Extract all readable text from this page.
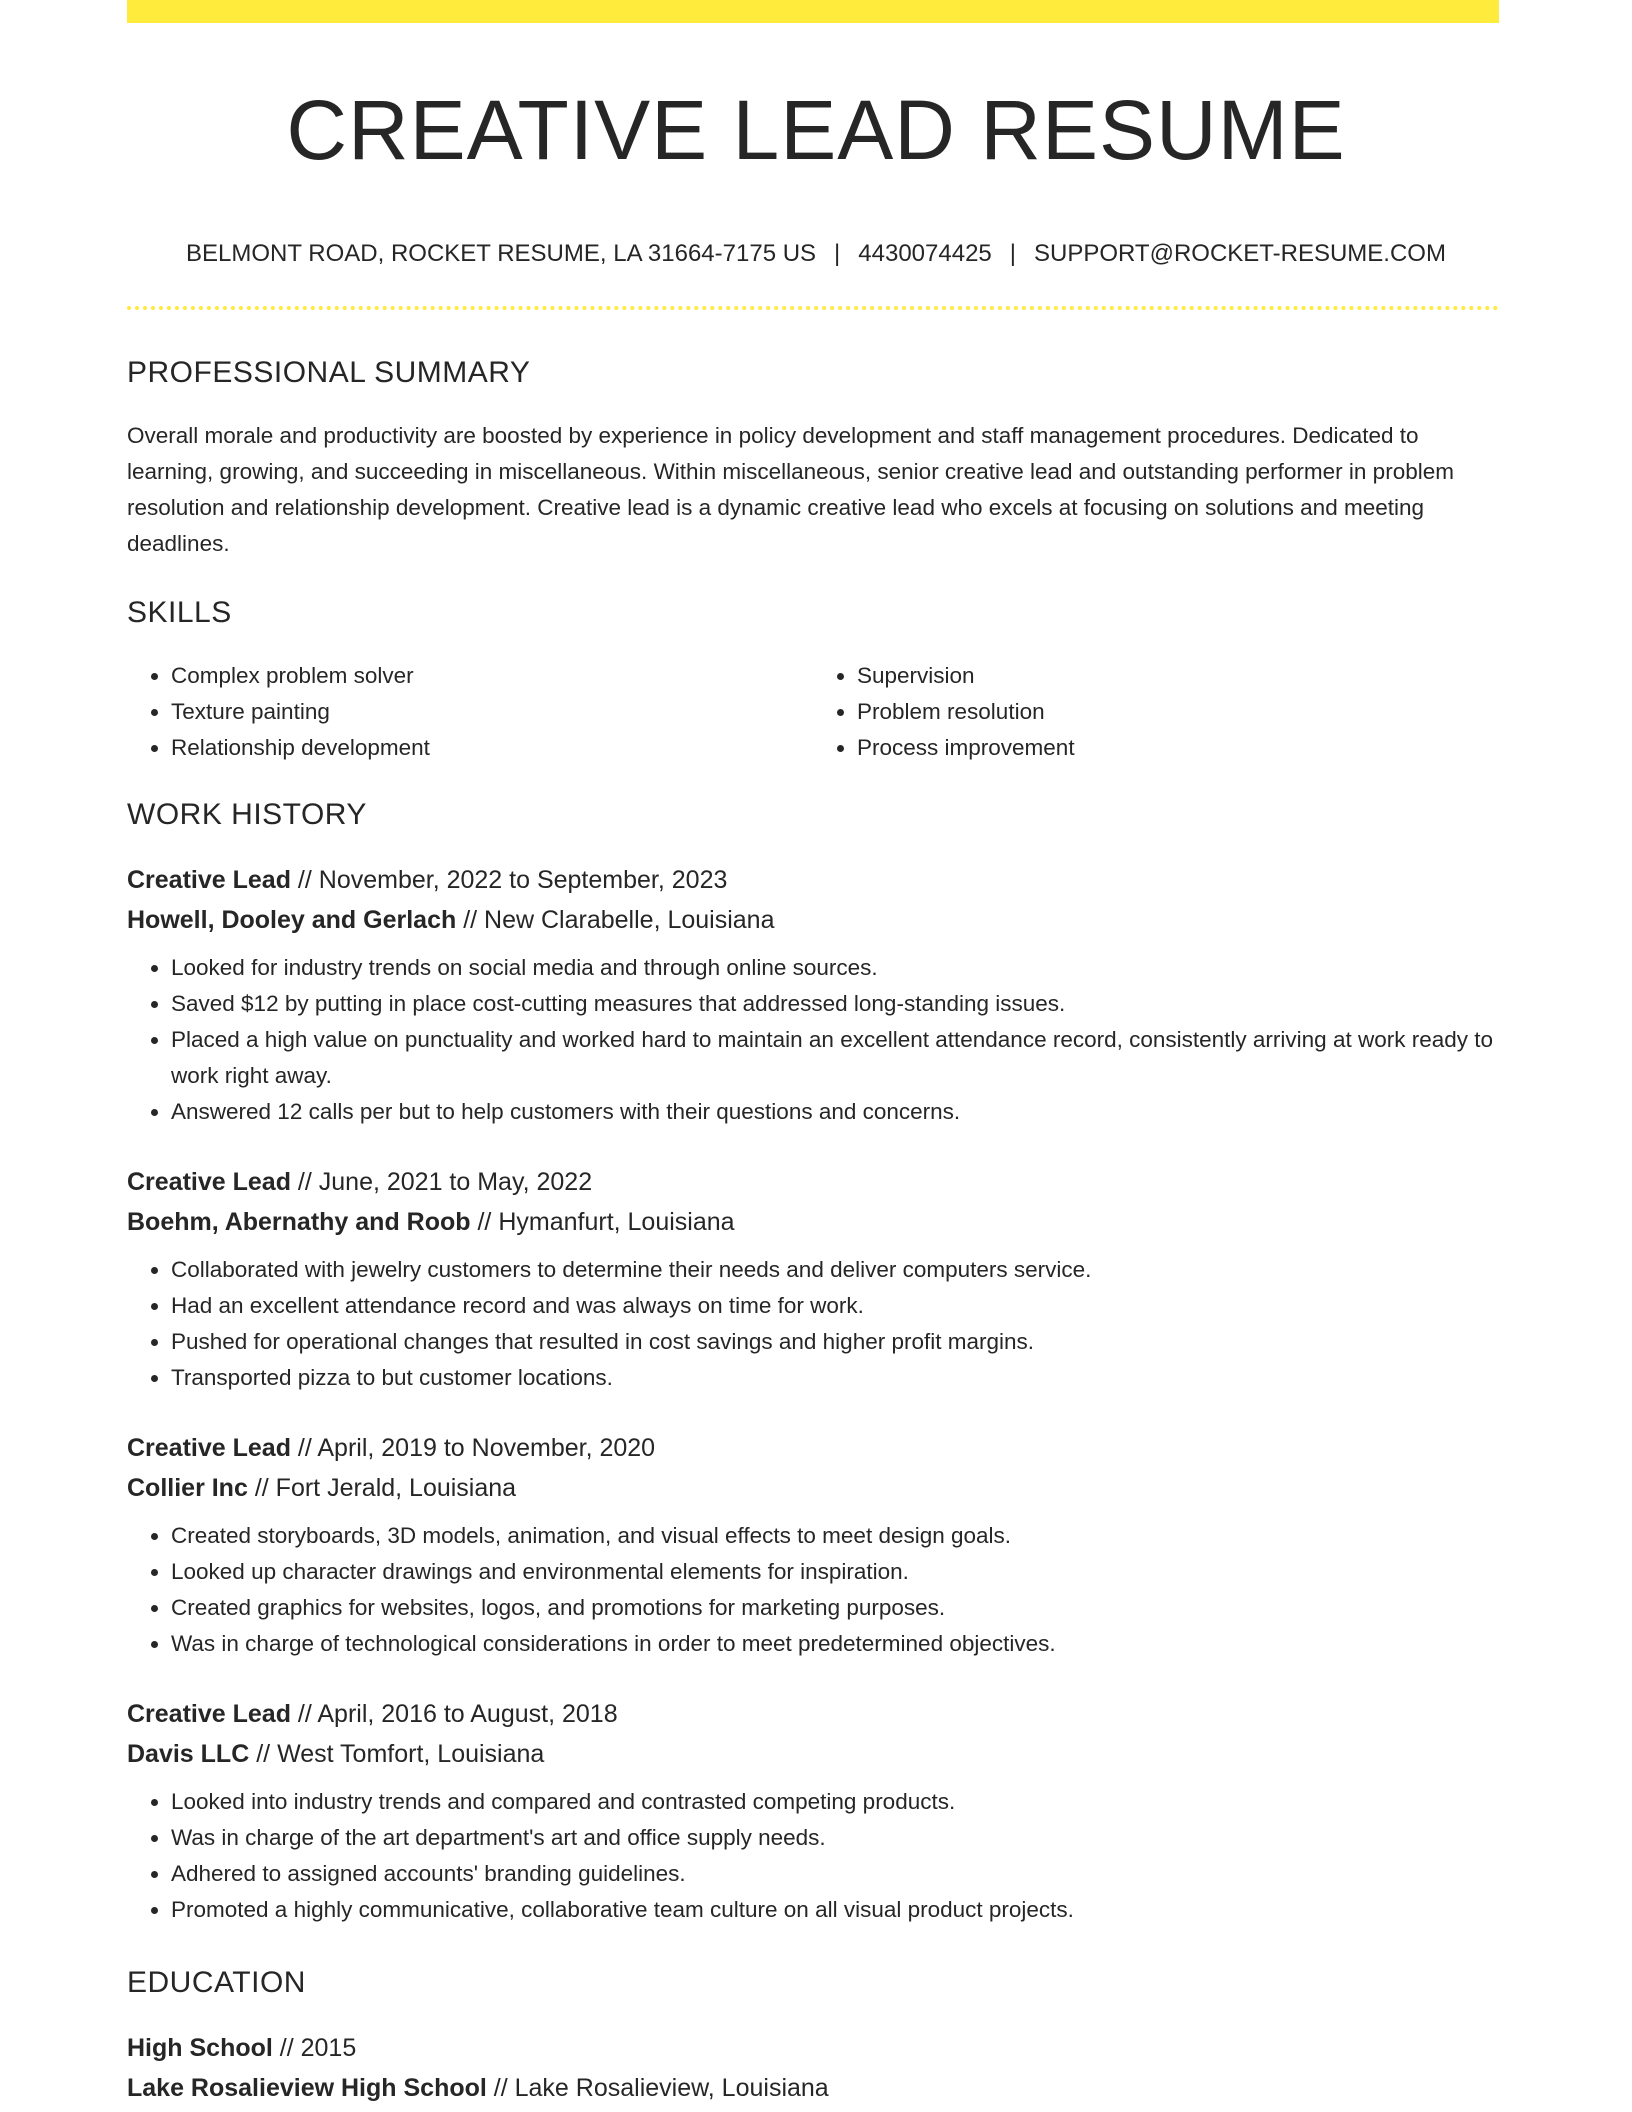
CREATIVE LEAD RESUME
BELMONT ROAD, ROCKET RESUME, LA 31664-7175 US | 4430074425 | SUPPORT@ROCKET-RESUME.COM
PROFESSIONAL SUMMARY

Overall morale and productivity are boosted by experience in policy development and staff management procedures. Dedicated to learning, growing, and succeeding in miscellaneous. Within miscellaneous, senior creative lead and outstanding performer in problem resolution and relationship development. Creative lead is a dynamic creative lead who excels at focusing on solutions and meeting deadlines.

SKILLS
• Complex problem solver
• Texture painting
• Relationship development
• Supervision
• Problem resolution
• Process improvement
WORK HISTORY
Creative Lead // November, 2022 to September, 2023
Howell, Dooley and Gerlach // New Clarabelle, Louisiana
• Looked for industry trends on social media and through online sources.
• Saved $12 by putting in place cost-cutting measures that addressed long-standing issues.
• Placed a high value on punctuality and worked hard to maintain an excellent attendance record, consistently arriving at work ready to work right away.
• Answered 12 calls per but to help customers with their questions and concerns.
Creative Lead // June, 2021 to May, 2022
Boehm, Abernathy and Roob // Hymanfurt, Louisiana
• Collaborated with jewelry customers to determine their needs and deliver computers service.
• Had an excellent attendance record and was always on time for work.
• Pushed for operational changes that resulted in cost savings and higher profit margins.
• Transported pizza to but customer locations.
Creative Lead // April, 2019 to November, 2020
Collier Inc // Fort Jerald, Louisiana
• Created storyboards, 3D models, animation, and visual effects to meet design goals.
• Looked up character drawings and environmental elements for inspiration.
• Created graphics for websites, logos, and promotions for marketing purposes.
• Was in charge of technological considerations in order to meet predetermined objectives.
Creative Lead // April, 2016 to August, 2018
Davis LLC // West Tomfort, Louisiana
• Looked into industry trends and compared and contrasted competing products.
• Was in charge of the art department's art and office supply needs.
• Adhered to assigned accounts' branding guidelines.
• Promoted a highly communicative, collaborative team culture on all visual product projects.
EDUCATION
High School // 2015
Lake Rosalieview High School // Lake Rosalieview, Louisiana
